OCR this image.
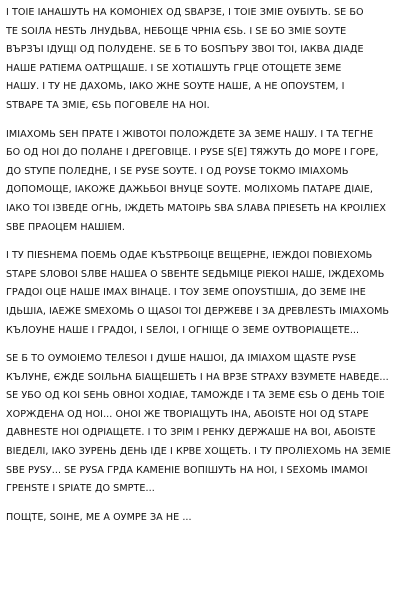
І ТОІЕ ІАНАШУТЬ НА КОМОНІЕХ ОД ЅВАРЗЕ, І ТОІЕ ЗМІЕ ОУБІУТЬ. ЅЕ БО
ТЕ ЅОІЛА НЕЅТЬ ЛНУДЬВА, НЕБОЩЕ ЧРНІА ЄЅЬ. І ЅЕ БО ЗМІЕ ЅОУТЕ
ВЪРЗЪІ ІДУЩІ ОД ПОЛУДЕНЕ. ЅЕ Б ТО БОЅПЪРУ ЗВОІ ТОІ, ІАКВА ДІАДЕ
НАШЕ РАТІЕМА ОАТРЩАШЕ. І ЅЕ ХОТІАШУТЬ ГРЦЕ ОТОЩЕТЕ ЗЕМЕ
НАШУ. І ТУ НЕ ДАХОМЬ, ІАКО ЖНЕ ЅОУТЕ НАШЕ, А НЕ ОПОУЅТЕМ, І
ЅТВАРЕ ТА ЗМІЕ, ЄЅЬ ПОГОВЕЛЕ НА НОІ.
ІМІАХОМЬ ЅЕН ПРАТЕ І ЖІВОТОІ ПОЛОЖДЕТЕ ЗА ЗЕМЕ НАШУ. І ТА ТЕГНЕ
БО ОД НОІ ДО ПОЛАНЕ І ДРЕГОВІЦЕ. І РУЅЕ Ѕ[Е] ТЯЖУТЬ ДО МОРЕ І ГОРЕ,
ДО ЅТУПЕ ПОЛЕДНЕ, І ЅЕ РУЅЕ ЅОУТЕ. І ОД РОУЅЕ ТОКМО ІМІАХОМЬ
ДОПОМОЩЕ, ІАКОЖЕ ДАЖЬБОІ ВНУЦЕ ЅОУТЕ. МОЛІХОМЬ ПАТАРЕ ДІАІЕ,
ІАКО ТОІ ІЗВЕДЕ ОГНЬ, ІЖДЕТЬ МАТОІРЬ ЅВА ЅЛАВА ПРІЕЅЕТЬ НА КРОІЛІЕХ
ЅВЕ ПРАОЦЕМ НАШІЕМ.
І ТУ ПІЕЅНЕМА ПОЕМЬ ОДАЕ КЪЅТРБОІЦЕ ВЕЩЕРНЕ, ІЕЖДОІ ПОВІЕХОМЬ
ЅТАРЕ ЅЛОВОІ ЅЛВЕ НАШЕА О ЅВЕНТЕ ЅЕДЬМІЦЕ РІЕКОІ НАШЕ, ІЖДЕХОМЬ
ГРАДОІ ОЦЕ НАШЕ ІМАХ ВІНАЦЕ. І ТОУ ЗЕМЕ ОПОУЅТІШІА, ДО ЗЕМЕ ІНЕ
ІДЬШІА, ІАЕЖЕ ЅМЕХОМЬ О ЩАЅОІ ТОІ ДЕРЖЕВЕ І ЗА ДРЕВЛЕЅТЬ ІМІАХОМЬ
КЪЛОУНЕ НАШЕ І ГРАДОІ, І ЅЕЛОІ, І ОГНІЩЕ О ЗЕМЕ ОУТВОРІАЩЕТЕ...
ЅЕ Б ТО ОУМОІЕМО ТЕЛЕЅОІ І ДУШЕ НАШОІ, ДА ІМІАХОМ ЩАЅТЕ РУЅЕ
КЪЛУНЕ, ЄЖДЕ ЅОІЛЬНА БІАЩЕШЕТЬ І НА ВРЗЕ ЅТРАХУ ВЗУМЕТЕ НАВЕДЕ...
ЅЕ УБО ОД КОІ ЅЕНЬ ОВНОІ ХОДІАЕ, ТАМОЖДЕ І ТА ЗЕМЕ ЄЅЬ О ДЕНЬ ТОІЕ
ХОРЖДЕНА ОД НОІ... ОНОІ ЖЕ ТВОРІАЩУТЬ ІНА, АБОІЅТЕ НОІ ОД ЅТАРЕ
ДАВНЕЅТЕ НОІ ОДРІАЩЕТЕ. І ТО ЗРІМ І РЕНКУ ДЕРЖАШЕ НА ВОІ, АБОІЅТЕ
ВІЕДЕЛІ, ІАКО ЗУРЕНЬ ДЕНЬ ІДЕ І КРВЕ ХОЩЕТЬ. І ТУ ПРОЛІЕХОМЬ НА ЗЕМІЕ
ЅВЕ РУЅУ... ЅЕ РУЅА ГРДА КАМЕНІЕ ВОПІШУТЬ НА НОІ, І ЅЕХОМЬ ІМАМОІ
ГРЕНЅТЕ І ЅРІАТЕ ДО ЅМРТЕ...
ПОЩТЕ, ЅОІНЕ, МЕ А ОУМРЕ ЗА НЕ ...
